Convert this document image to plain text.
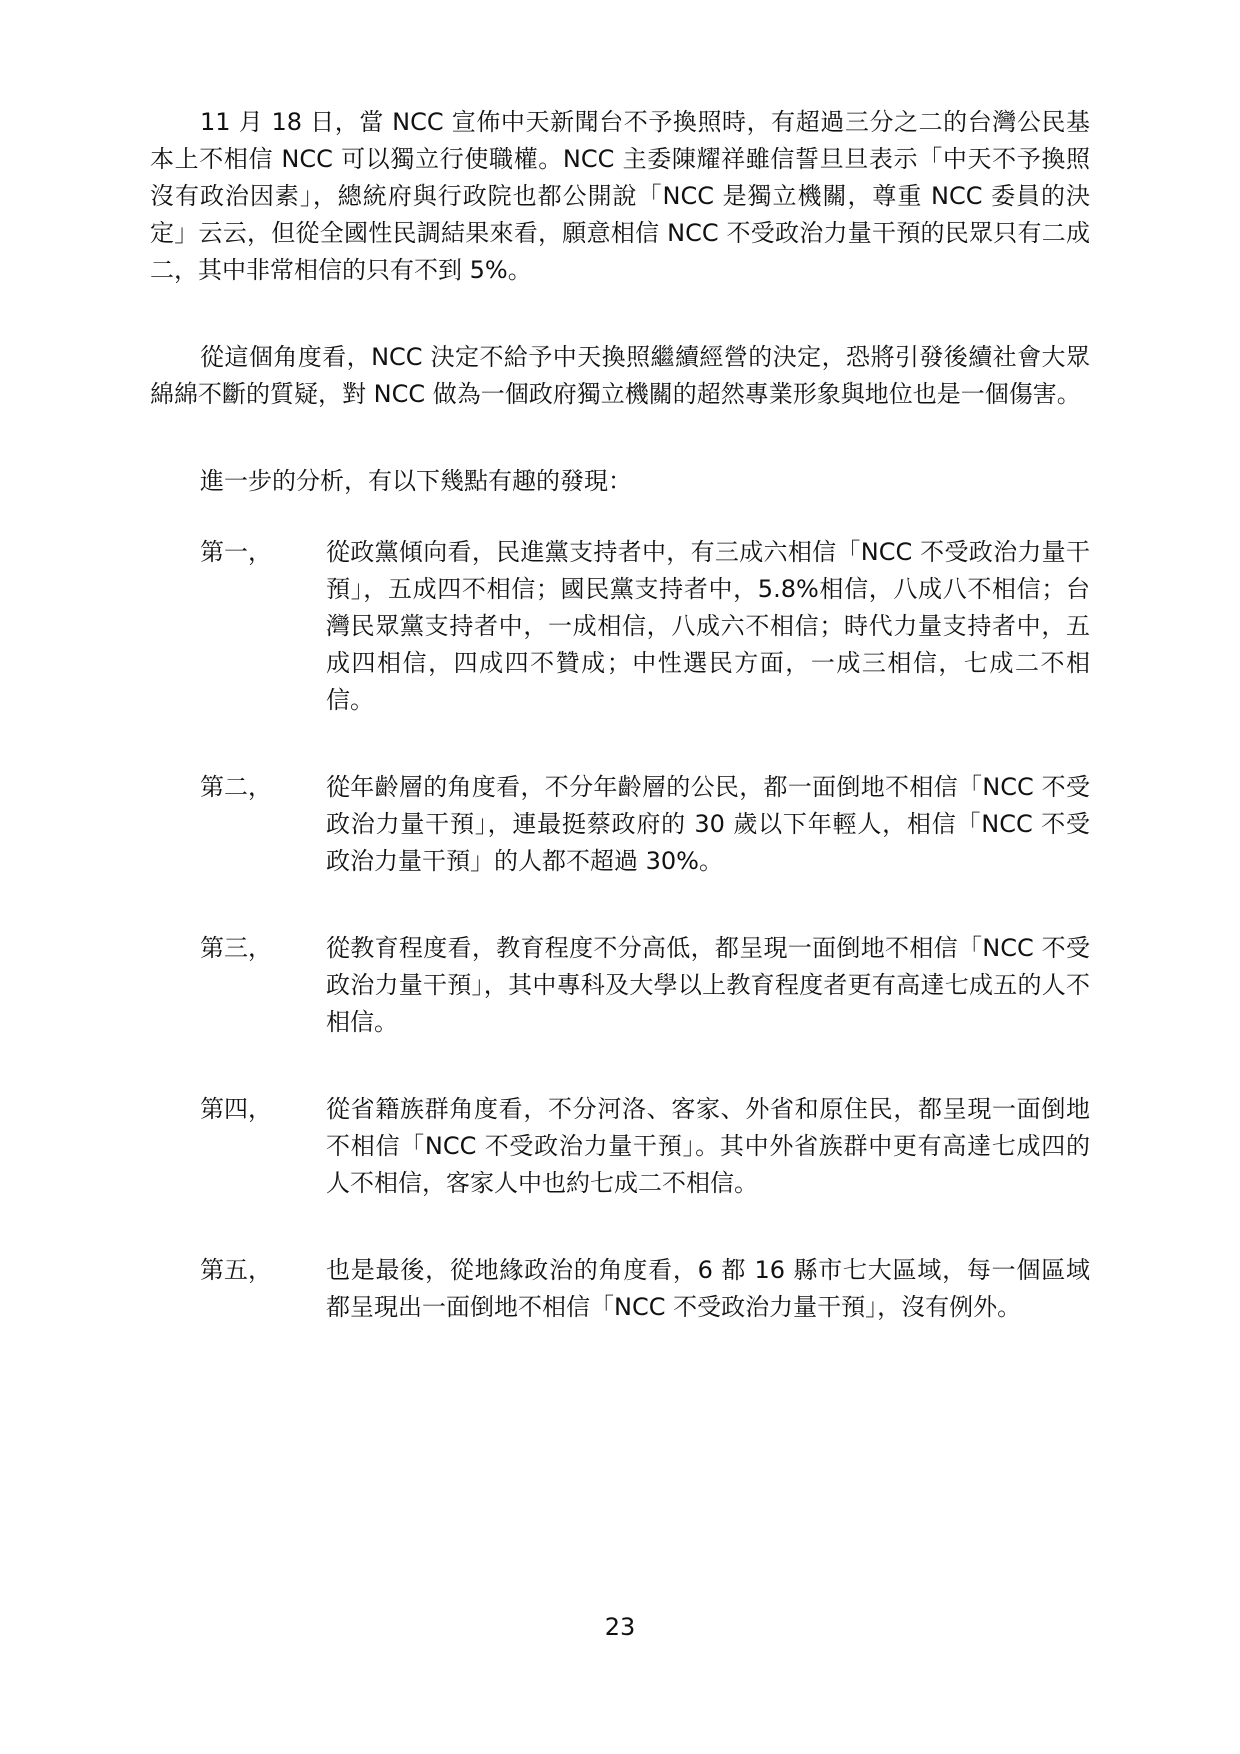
11 月 18 日，當 NCC 宣佈中天新聞台不予換照時，有超過三分之二的台灣公民基本上不相信 NCC 可以獨立行使職權。NCC 主委陳耀祥雖信誓旦旦表示「中天不予換照沒有政治因素」，總統府與行政院也都公開說「NCC 是獨立機關，尊重 NCC 委員的決定」云云，但從全國性民調結果來看，願意相信 NCC 不受政治力量干預的民眾只有二成二，其中非常相信的只有不到 5%。

從這個角度看，NCC 決定不給予中天換照繼續經營的決定，恐將引發後續社會大眾綿綿不斷的質疑，對 NCC 做為一個政府獨立機關的超然專業形象與地位也是一個傷害。

進一步的分析，有以下幾點有趣的發現：

第一， 從政黨傾向看，民進黨支持者中，有三成六相信「NCC 不受政治力量干預」，五成四不相信；國民黨支持者中，5.8%相信，八成八不相信；台灣民眾黨支持者中，一成相信，八成六不相信；時代力量支持者中，五成四相信，四成四不贊成；中性選民方面，一成三相信，七成二不相信。
第二， 從年齡層的角度看，不分年齡層的公民，都一面倒地不相信「NCC 不受政治力量干預」，連最挺蔡政府的 30 歲以下年輕人，相信「NCC 不受政治力量干預」的人都不超過 30%。
第三， 從教育程度看，教育程度不分高低，都呈現一面倒地不相信「NCC 不受政治力量干預」，其中專科及大學以上教育程度者更有高達七成五的人不相信。
第四， 從省籍族群角度看，不分河洛、客家、外省和原住民，都呈現一面倒地不相信「NCC 不受政治力量干預」。其中外省族群中更有高達七成四的人不相信，客家人中也約七成二不相信。
第五， 也是最後，從地緣政治的角度看，6 都 16 縣市七大區域，每一個區域都呈現出一面倒地不相信「NCC 不受政治力量干預」，沒有例外。
23
